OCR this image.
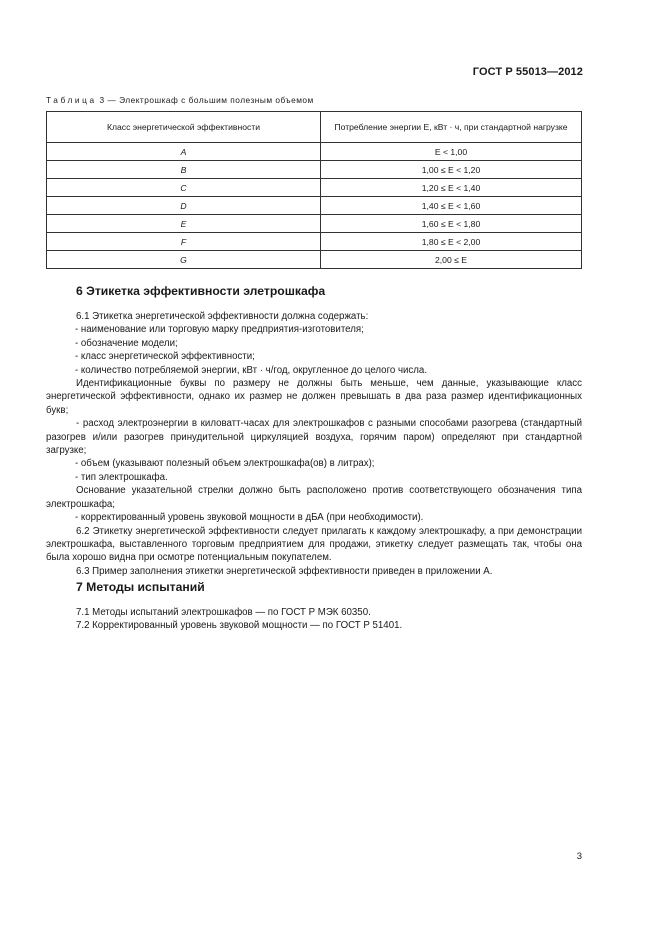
ГОСТ Р 55013—2012
Таблица 3 — Электрошкаф с большим полезным объемом
Класс энергетической эффективности	Потребление энергии E, кВт · ч, при стандартной нагрузке
A	E < 1,00
B	1,00 ≤ E < 1,20
C	1,20 ≤ E < 1,40
D	1,40 ≤ E < 1,60
E	1,60 ≤ E < 1,80
F	1,80 ≤ E < 2,00
G	2,00 ≤ E
6 Этикетка эффективности элетрошкафа

6.1 Этикетка энергетической эффективности должна содержать:

- наименование или торговую марку предприятия-изготовителя;

- обозначение модели;

- класс энергетической эффективности;

- количество потребляемой энергии, кВт · ч/год, округленное до целого числа.

Идентификационные буквы по размеру не должны быть меньше, чем данные, указывающие класс энергетической эффективности, однако их размер не должен превышать в два раза размер идентификационных букв;

- расход электроэнергии в киловатт-часах для электрошкафов с разными способами разогрева (стандартный разогрев и/или разогрев принудительной циркуляцией воздуха, горячим паром) определяют при стандартной загрузке;

- объем (указывают полезный объем электрошкафа(ов) в литрах);

- тип электрошкафа.

Основание указательной стрелки должно быть расположено против соответствующего обозначения типа электрошкафа;

- корректированный уровень звуковой мощности в дБА (при необходимости).

6.2 Этикетку энергетической эффективности следует прилагать к каждому электрошкафу, а при демонстрации электрошкафа, выставленного торговым предприятием для продажи, этикетку следует размещать так, чтобы она была хорошо видна при осмотре потенциальным покупателем.

6.3 Пример заполнения этикетки энергетической эффективности приведен в приложении А.

7 Методы испытаний

7.1 Методы испытаний электрошкафов — по ГОСТ Р МЭК 60350.

7.2 Корректированный уровень звуковой мощности — по ГОСТ Р 51401.

3
